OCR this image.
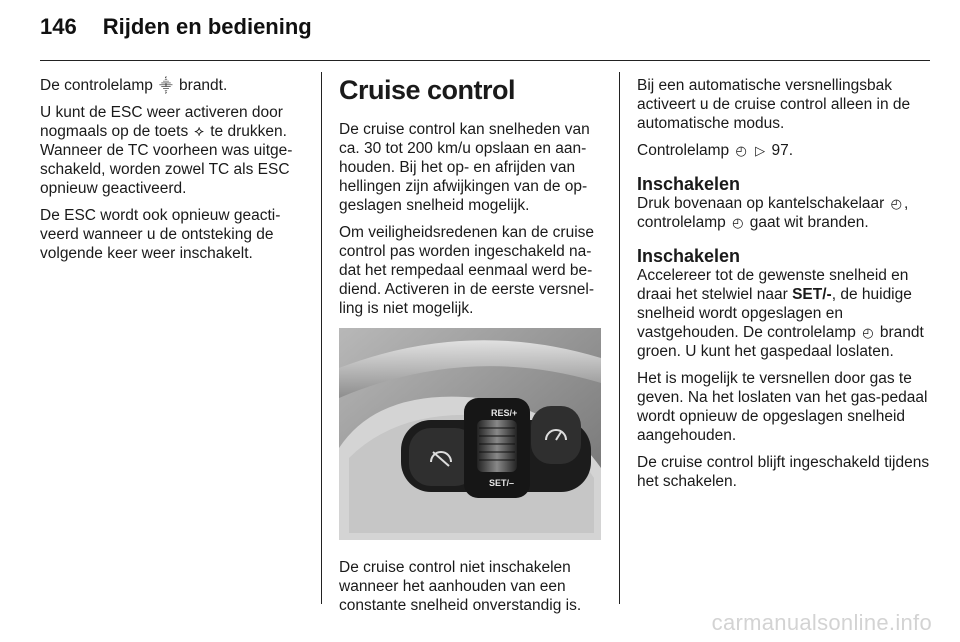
146 Rijden en bediening

De controlelamp ⸎ brandt.

U kunt de ESC weer activeren door nogmaals op de toets ⯎ te drukken. Wanneer de TC voorheen was uitge-schakeld, worden zowel TC als ESC opnieuw geactiveerd.

De ESC wordt ook opnieuw geacti-veerd wanneer u de ontsteking de volgende keer weer inschakelt.

Cruise control

De cruise control kan snelheden van ca. 30 tot 200 km/u opslaan en aan-houden. Bij het op- en afrijden van hellingen zijn afwijkingen van de op-geslagen snelheid mogelijk.

Om veiligheidsredenen kan de cruise control pas worden ingeschakeld na-dat het rempedaal eenmaal werd be-diend. Activeren in de eerste versnel-ling is niet mogelijk.

RES/+
SET/–

De cruise control niet inschakelen wanneer het aanhouden van een constante snelheid onverstandig is.

Bij een automatische versnellingsbak activeert u de cruise control alleen in de automatische modus.

Controlelamp ◴ ▷ 97.

Inschakelen

Druk bovenaan op kantelschakelaar ◴ , controlelamp ◴ gaat wit branden.

Inschakelen

Accelereer tot de gewenste snelheid en draai het stelwiel naar SET/-, de huidige snelheid wordt opgeslagen en vastgehouden. De controlelamp ◴ brandt groen. U kunt het gaspedaal loslaten.

Het is mogelijk te versnellen door gas te geven. Na het loslaten van het gas-pedaal wordt opnieuw de opgeslagen snelheid aangehouden.

De cruise control blijft ingeschakeld tijdens het schakelen.

carmanualsonline.info
